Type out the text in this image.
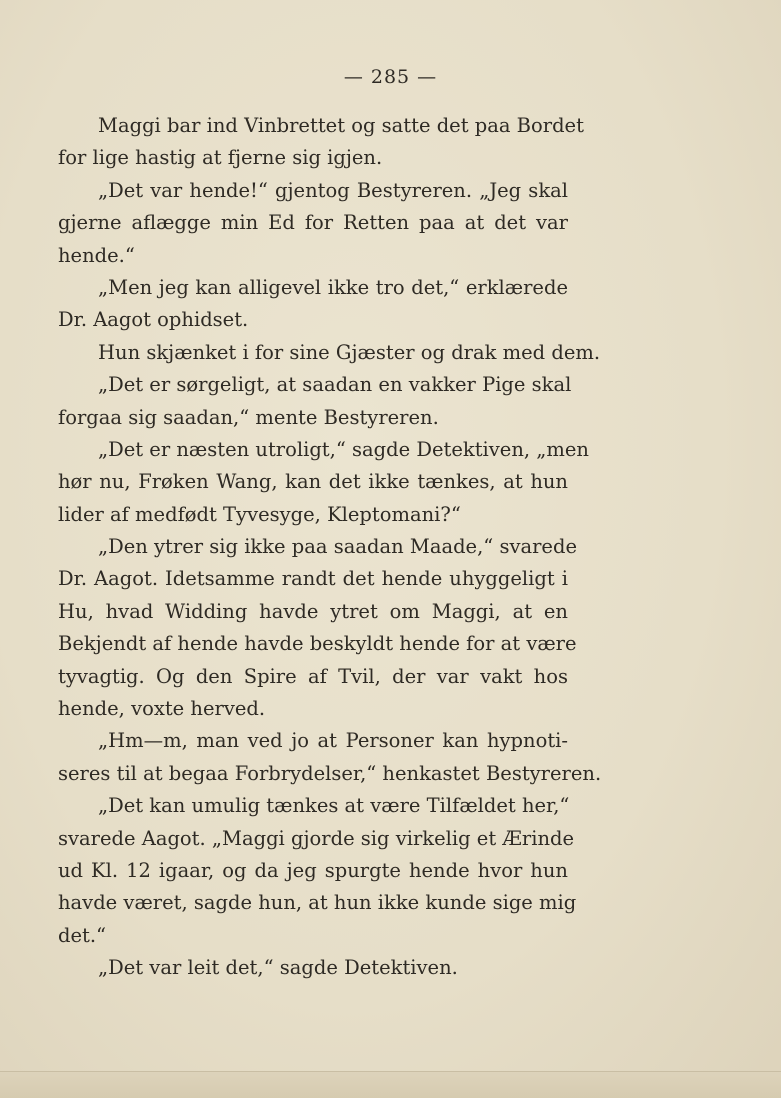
— 285 —
Maggi bar ind Vinbrettet og satte det paa Bordet
for lige hastig at fjerne sig igjen.
„Det var hende!“ gjentog Bestyreren. „Jeg skal
gjerne aflægge min Ed for Retten paa at det var
hende.“
„Men jeg kan alligevel ikke tro det,“ erklærede
Dr. Aagot ophidset.
Hun skjænket i for sine Gjæster og drak med dem.
„Det er sørgeligt, at saadan en vakker Pige skal
forgaa sig saadan,“ mente Bestyreren.
„Det er næsten utroligt,“ sagde Detektiven, „men
hør nu, Frøken Wang, kan det ikke tænkes, at hun
lider af medfødt Tyvesyge, Kleptomani?“
„Den ytrer sig ikke paa saadan Maade,“ svarede
Dr. Aagot. Idetsamme randt det hende uhyggeligt i
Hu, hvad Widding havde ytret om Maggi, at en
Bekjendt af hende havde beskyldt hende for at være
tyvagtig. Og den Spire af Tvil, der var vakt hos
hende, voxte herved.
„Hm—m, man ved jo at Personer kan hypnoti-
seres til at begaa Forbrydelser,“ henkastet Bestyreren.
„Det kan umulig tænkes at være Tilfældet her,“
svarede Aagot. „Maggi gjorde sig virkelig et Ærinde
ud Kl. 12 igaar, og da jeg spurgte hende hvor hun
havde været, sagde hun, at hun ikke kunde sige mig
det.“
„Det var leit det,“ sagde Detektiven.
